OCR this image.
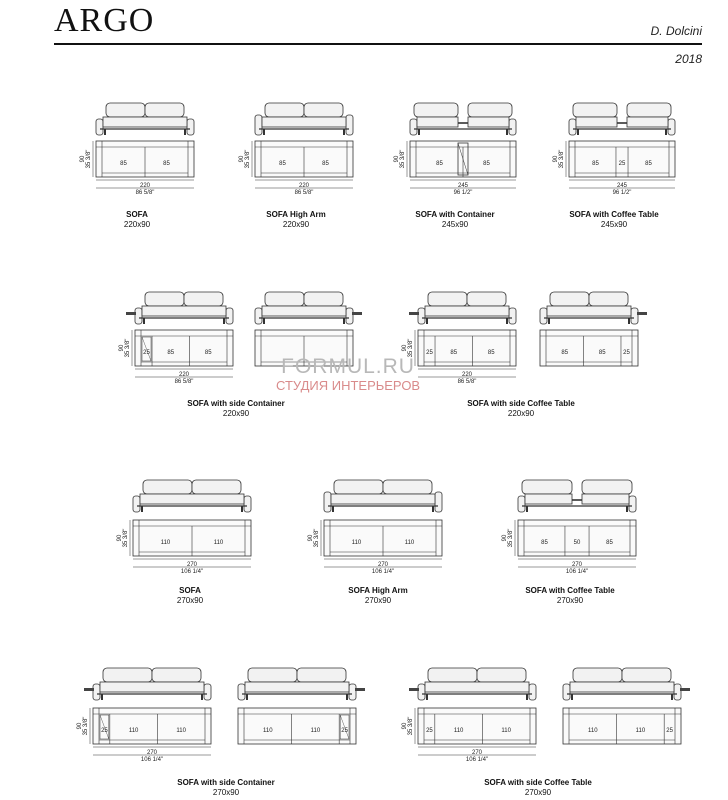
ARGO	D. Dolcini
2018
85	85
90 35 3/8"
220
86 5/8"
85	85
90 35 3/8"
220
86 5/8"
85	85
90 35 3/8"
245
96 1/2"
85	25	85
90 35 3/8"
245
96 1/2"
25	85	85
90 35 3/8"
220
86 5/8"
25	85	85
90 35 3/8"
220
86 5/8"
85	85	25
110	110
90 35 3/8"
270
106 1/4"
110	110
90 35 3/8"
270
106 1/4"
85	50	85
90 35 3/8"
270
106 1/4"
25	110	110
90 35 3/8"
270
106 1/4"
110	110	25	25	110	110
90 35 3/8"
270
106 1/4"
110	110	25
SOFA
220x90
SOFA High Arm
220x90
SOFA with Container
245x90
SOFA with Coffee Table
245x90
SOFA with side Container
220x90
SOFA with side Coffee Table
220x90
SOFA
270x90
SOFA High Arm
270x90
SOFA with Coffee Table
270x90
SOFA with side Container
270x90
SOFA with side Coffee Table
270x90
FORMUL.RU
СТУДИЯ ИНТЕРЬЕРОВ
